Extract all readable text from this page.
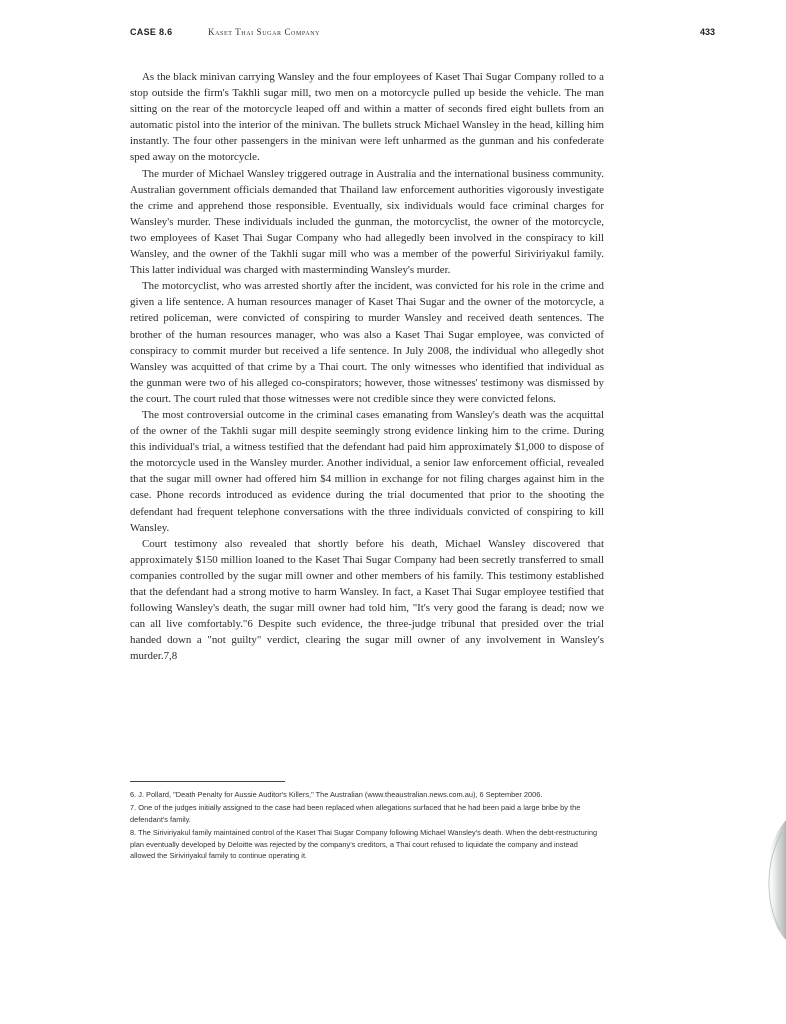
CASE 8.6	Kaset Thai Sugar Company	433

As the black minivan carrying Wansley and the four employees of Kaset Thai Sugar Company rolled to a stop outside the firm's Takhli sugar mill, two men on a motorcycle pulled up beside the vehicle. The man sitting on the rear of the motorcycle leaped off and within a matter of seconds fired eight bullets from an automatic pistol into the interior of the minivan. The bullets struck Michael Wansley in the head, killing him instantly. The four other passengers in the minivan were left unharmed as the gunman and his confederate sped away on the motorcycle.

The murder of Michael Wansley triggered outrage in Australia and the international business community. Australian government officials demanded that Thailand law enforcement authorities vigorously investigate the crime and apprehend those responsible. Eventually, six individuals would face criminal charges for Wansley's murder. These individuals included the gunman, the motorcyclist, the owner of the motorcycle, two employees of Kaset Thai Sugar Company who had allegedly been involved in the conspiracy to kill Wansley, and the owner of the Takhli sugar mill who was a member of the powerful Siriviriyakul family. This latter individual was charged with masterminding Wansley's murder.

The motorcyclist, who was arrested shortly after the incident, was convicted for his role in the crime and given a life sentence. A human resources manager of Kaset Thai Sugar and the owner of the motorcycle, a retired policeman, were convicted of conspiring to murder Wansley and received death sentences. The brother of the human resources manager, who was also a Kaset Thai Sugar employee, was convicted of conspiracy to commit murder but received a life sentence. In July 2008, the individual who allegedly shot Wansley was acquitted of that crime by a Thai court. The only witnesses who identified that individual as the gunman were two of his alleged co-conspirators; however, those witnesses' testimony was dismissed by the court. The court ruled that those witnesses were not credible since they were convicted felons.

The most controversial outcome in the criminal cases emanating from Wansley's death was the acquittal of the owner of the Takhli sugar mill despite seemingly strong evidence linking him to the crime. During this individual's trial, a witness testified that the defendant had paid him approximately $1,000 to dispose of the motorcycle used in the Wansley murder. Another individual, a senior law enforcement official, revealed that the sugar mill owner had offered him $4 million in exchange for not filing charges against him in the case. Phone records introduced as evidence during the trial documented that prior to the shooting the defendant had frequent telephone conversations with the three individuals convicted of conspiring to kill Wansley.

Court testimony also revealed that shortly before his death, Michael Wansley discovered that approximately $150 million loaned to the Kaset Thai Sugar Company had been secretly transferred to small companies controlled by the sugar mill owner and other members of his family. This testimony established that the defendant had a strong motive to harm Wansley. In fact, a Kaset Thai Sugar employee testified that following Wansley's death, the sugar mill owner had told him, "It's very good the farang is dead; now we can all live comfortably."6 Despite such evidence, the three-judge tribunal that presided over the trial handed down a "not guilty" verdict, clearing the sugar mill owner of any involvement in Wansley's murder.7,8

6. J. Pollard, "Death Penalty for Aussie Auditor's Killers," The Australian (www.theaustralian.news.com.au), 6 September 2006.

7. One of the judges initially assigned to the case had been replaced when allegations surfaced that he had been paid a large bribe by the defendant's family.

8. The Siriviriyakul family maintained control of the Kaset Thai Sugar Company following Michael Wansley's death. When the debt-restructuring plan eventually developed by Deloitte was rejected by the company's creditors, a Thai court refused to liquidate the company and instead allowed the Siriviriyakul family to continue operating it.
